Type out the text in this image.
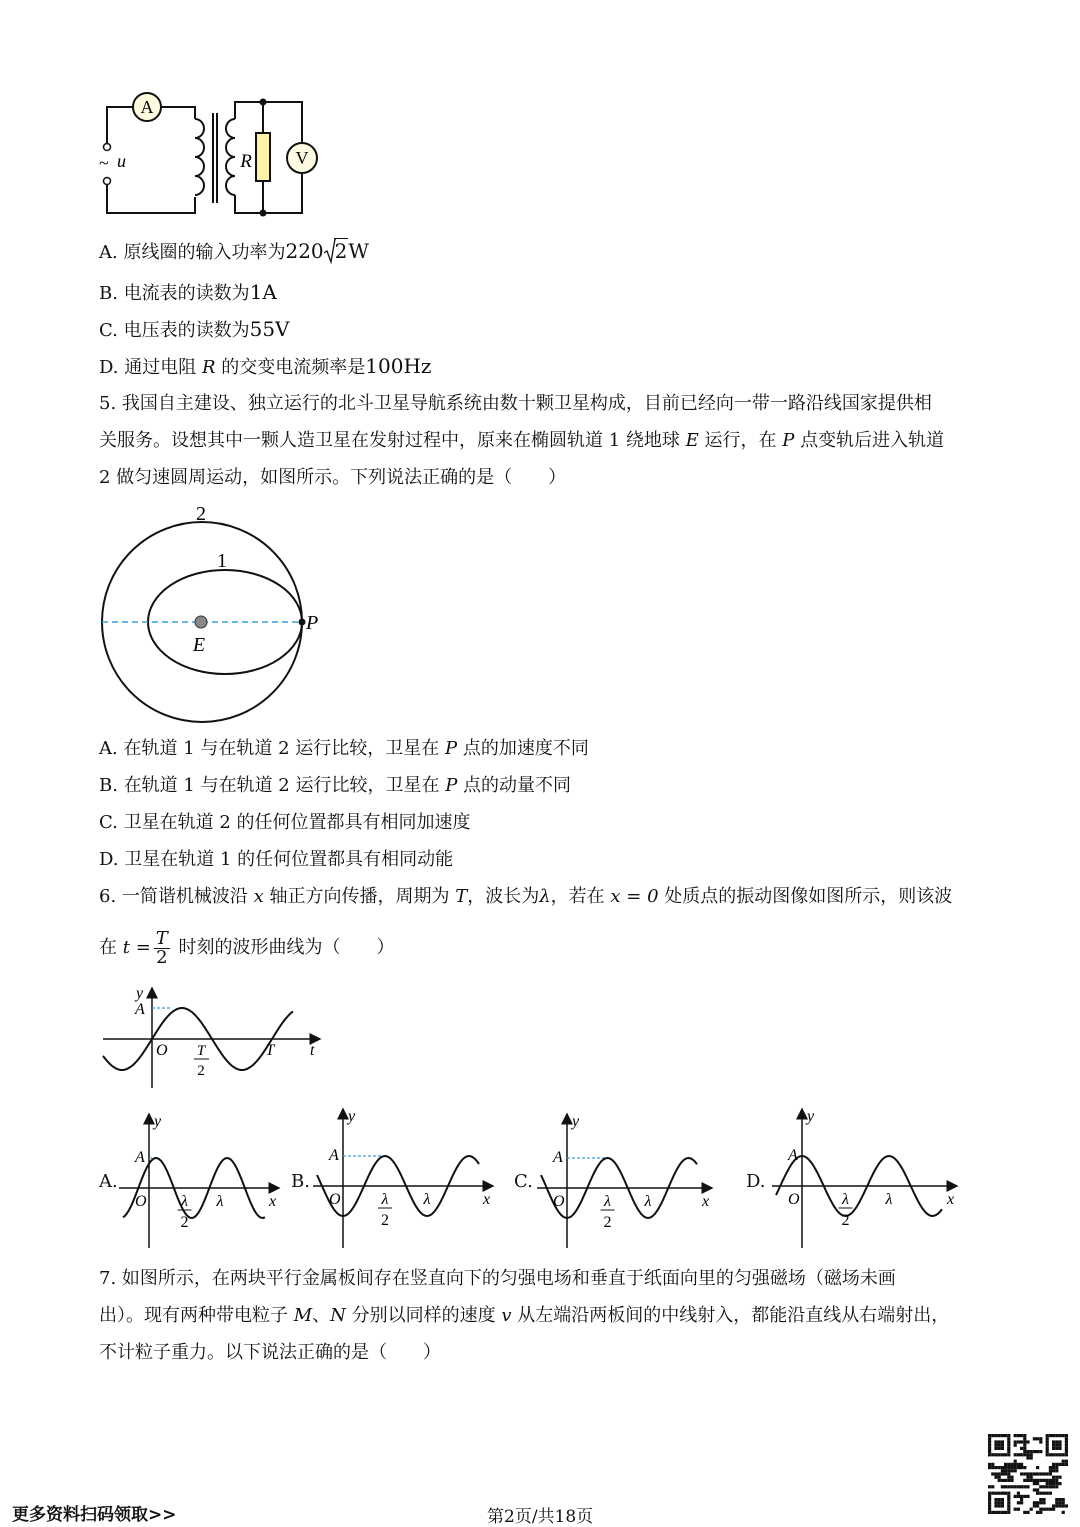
A
V
R
~ u
A. 原线圈的输入功率为220 2W
B. 电流表的读数为1A
C. 电压表的读数为55V
D. 通过电阻 R 的交变电流频率是100Hz
5. 我国自主建设、独立运行的北斗卫星导航系统由数十颗卫星构成，目前已经向一带一路沿线国家提供相
关服务。设想其中一颗人造卫星在发射过程中，原来在椭圆轨道 1 绕地球 E 运行，在 P 点变轨后进入轨道
2 做匀速圆周运动，如图所示。下列说法正确的是（　　）
2
1
E
P
A. 在轨道 1 与在轨道 2 运行比较，卫星在 P 点的加速度不同
B. 在轨道 1 与在轨道 2 运行比较，卫星在 P 点的动量不同
C. 卫星在轨道 2 的任何位置都具有相同加速度
D. 卫星在轨道 1 的任何位置都具有相同动能
6. 一简谐机械波沿 x 轴正方向传播，周期为 T，波长为λ，若在 x = 0 处质点的振动图像如图所示，则该波
在 $t = \frac{T}{2}$ 时刻的波形曲线为（　　）
y
A
O T
2
T t
A.
y
A
O λ
2
λ	x
B.
y
A
O	λ
2
λ	x
C.
y
A
O λ
2
λ	x
D.
y
A
O	λ
2
λ	x
7. 如图所示，在两块平行金属板间存在竖直向下的匀强电场和垂直于纸面向里的匀强磁场（磁场未画
出）。现有两种带电粒子 M、N 分别以同样的速度 v 从左端沿两板间的中线射入，都能沿直线从右端射出，
不计粒子重力。以下说法正确的是（　　）
更多资料扫码领取>>	第2页/共18页
